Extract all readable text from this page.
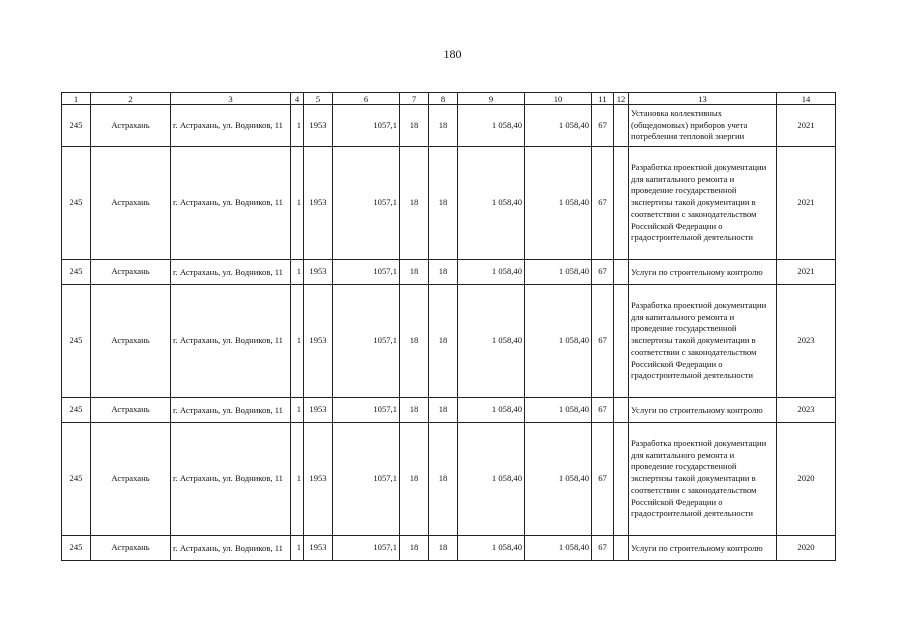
180
1	2	3	4	5	6	7	8	9	10	11	12	13	14
245	Астрахань	г. Астрахань, ул. Водников, 11	1	1953	1057,1	18	18	1 058,40	1 058,40	67		Установка коллективных (общедомовых) приборов учета потребления тепловой энергии	2021
245	Астрахань	г. Астрахань, ул. Водников, 11	1	1953	1057,1	18	18	1 058,40	1 058,40	67		Разработка проектной документации для капитального ремонта и проведение государственной экспертизы такой документации в соответствии с законодательством Российской Федерации о градостроительной деятельности	2021
245	Астрахань	г. Астрахань, ул. Водников, 11	1	1953	1057,1	18	18	1 058,40	1 058,40	67		Услуги по строительному контролю	2021
245	Астрахань	г. Астрахань, ул. Водников, 11	1	1953	1057,1	18	18	1 058,40	1 058,40	67		Разработка проектной документации для капитального ремонта и проведение государственной экспертизы такой документации в соответствии с законодательством Российской Федерации о градостроительной деятельности	2023
245	Астрахань	г. Астрахань, ул. Водников, 11	1	1953	1057,1	18	18	1 058,40	1 058,40	67		Услуги по строительному контролю	2023
245	Астрахань	г. Астрахань, ул. Водников, 11	1	1953	1057,1	18	18	1 058,40	1 058,40	67		Разработка проектной документации для капитального ремонта и проведение государственной экспертизы такой документации в соответствии с законодательством Российской Федерации о градостроительной деятельности	2020
245	Астрахань	г. Астрахань, ул. Водников, 11	1	1953	1057,1	18	18	1 058,40	1 058,40	67		Услуги по строительному контролю	2020
